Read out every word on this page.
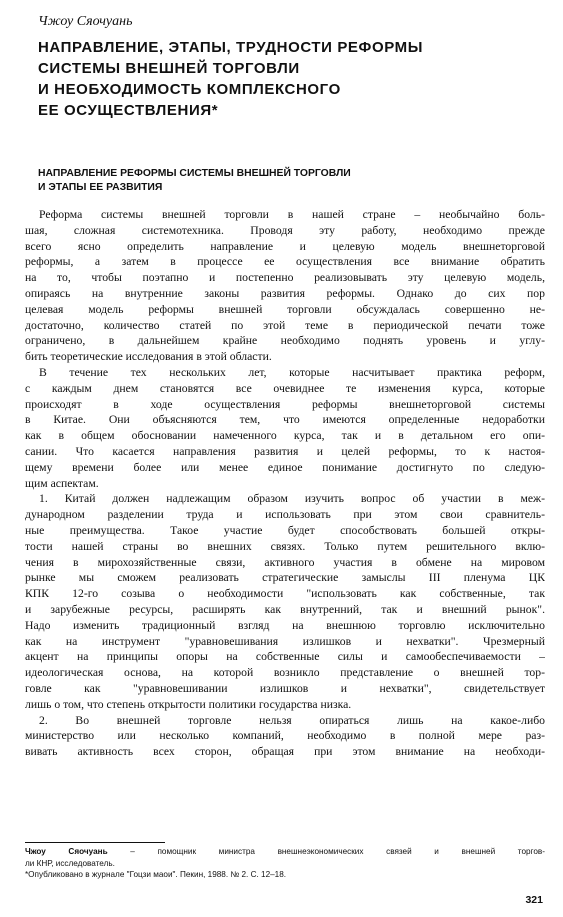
Чжоу Сяочуань

НАПРАВЛЕНИЕ, ЭТАПЫ, ТРУДНОСТИ РЕФОРМЫ
СИСТЕМЫ ВНЕШНЕЙ ТОРГОВЛИ
И НЕОБХОДИМОСТЬ КОМПЛЕКСНОГО
ЕЕ ОСУЩЕСТВЛЕНИЯ*
НАПРАВЛЕНИЕ РЕФОРМЫ СИСТЕМЫ ВНЕШНЕЙ ТОРГОВЛИ
И ЭТАПЫ ЕЕ РАЗВИТИЯ
Реформа системы внешней торговли в нашей стране – необычайно боль-
шая, сложная системотехника. Проводя эту работу, необходимо прежде
всего ясно определить направление и целевую модель внешнеторговой
реформы, а затем в процессе ее осуществления все внимание обратить
на то, чтобы поэтапно и постепенно реализовывать эту целевую модель,
опираясь на внутренние законы развития реформы. Однако до сих пор
целевая модель реформы внешней торговли обсуждалась совершенно не-
достаточно, количество статей по этой теме в периодической печати тоже
ограничено, в дальнейшем крайне необходимо поднять уровень и углу-
бить теоретические исследования в этой области.
В течение тех нескольких лет, которые насчитывает практика реформ,
с каждым днем становятся все очевиднее те изменения курса, которые
происходят в ходе осуществления реформы внешнеторговой системы
в Китае. Они объясняются тем, что имеются определенные недоработки
как в общем обосновании намеченного курса, так и в детальном его опи-
сании. Что касается направления развития и целей реформы, то к настоя-
щему времени более или менее единое понимание достигнуто по следую-
щим аспектам.
1. Китай должен надлежащим образом изучить вопрос об участии в меж-
дународном разделении труда и использовать при этом свои сравнитель-
ные преимущества. Такое участие будет способствовать большей откры-
тости нашей страны во внешних связях. Только путем решительного вклю-
чения в мирохозяйственные связи, активного участия в обмене на мировом
рынке мы сможем реализовать стратегические замыслы III пленума ЦК
КПК 12-го созыва о необходимости "использовать как собственные, так
и зарубежные ресурсы, расширять как внутренний, так и внешний рынок".
Надо изменить традиционный взгляд на внешнюю торговлю исключительно
как на инструмент "уравновешивания излишков и нехватки". Чрезмерный
акцент на принципы опоры на собственные силы и самообеспечиваемости –
идеологическая основа, на которой возникло представление о внешней тор-
говле как "уравновешивании излишков и нехватки", свидетельствует
лишь о том, что степень открытости политики государства низка.
2. Во внешней торговле нельзя опираться лишь на какое-либо
министерство или несколько компаний, необходимо в полной мере раз-
вивать активность всех сторон, обращая при этом внимание на необходи-
Чжоу Сяочуань – помощник министра внешнеэкономических связей и внешней торгов-
ли КНР, исследователь.
*Опубликовано в журнале "Гоцзи маои". Пекин, 1988. № 2. С. 12–18.
321
